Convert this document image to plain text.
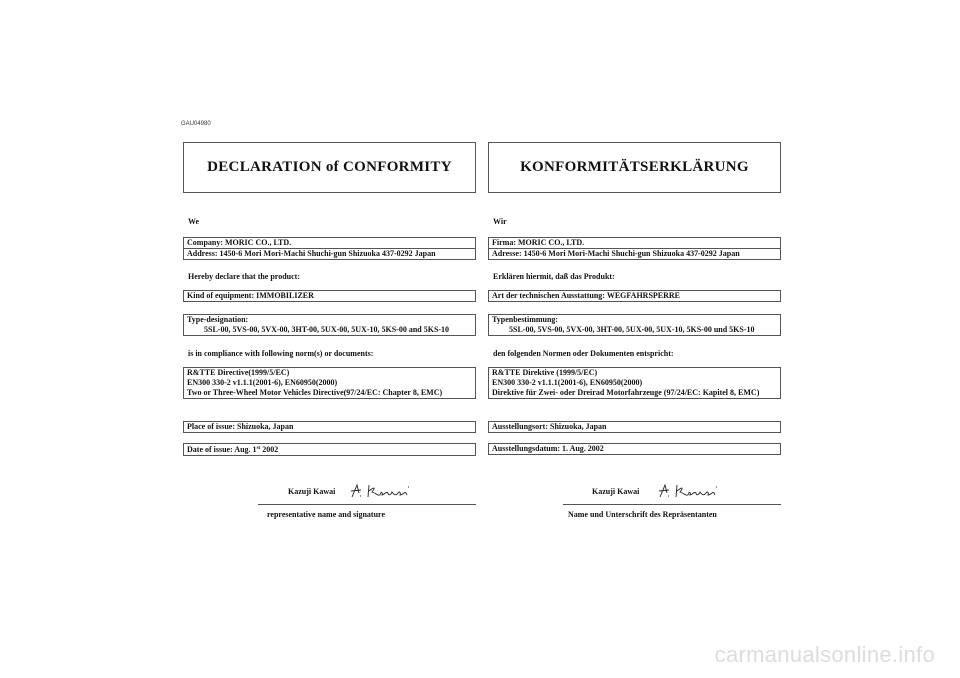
GAU04980
DECLARATION of CONFORMITY
We
Company: MORIC CO., LTD.
Address: 1450-6 Mori Mori-Machi Shuchi-gun Shizuoka 437-0292 Japan
Hereby declare that the product:
Kind of equipment: IMMOBILIZER
Type-designation:
5SL-00, 5VS-00, 5VX-00, 3HT-00, 5UX-00, 5UX-10, 5KS-00 and 5KS-10
is in compliance with following norm(s) or documents:
R&TTE Directive(1999/5/EC)
EN300 330-2 v1.1.1(2001-6), EN60950(2000)
Two or Three-Wheel Motor Vehicles Directive(97/24/EC: Chapter 8, EMC)
Place of issue: Shizuoka, Japan
Date of issue: Aug. 1st 2002
Kazuji Kawai
representative name and signature
KONFORMITÄTSERKLÄRUNG
Wir
Firma: MORIC CO., LTD.
Adresse: 1450-6 Mori Mori-Machi Shuchi-gun Shizuoka 437-0292 Japan
Erklären hiermit, daß das Produkt:
Art der technischen Ausstattung: WEGFAHRSPERRE
Typenbestimmung:
5SL-00, 5VS-00, 5VX-00, 3HT-00, 5UX-00, 5UX-10, 5KS-00 und 5KS-10
den folgenden Normen oder Dokumenten entspricht:
R&TTE Direktive (1999/5/EC)
EN300 330-2 v1.1.1(2001-6), EN60950(2000)
Direktive für Zwei- oder Dreirad Motorfahrzeuge (97/24/EC: Kapitel 8, EMC)
Ausstellungsort: Shizuoka, Japan
Ausstellungsdatum: 1. Aug. 2002
Kazuji Kawai
Name und Unterschrift des Repräsentanten
carmanualsonline.info
